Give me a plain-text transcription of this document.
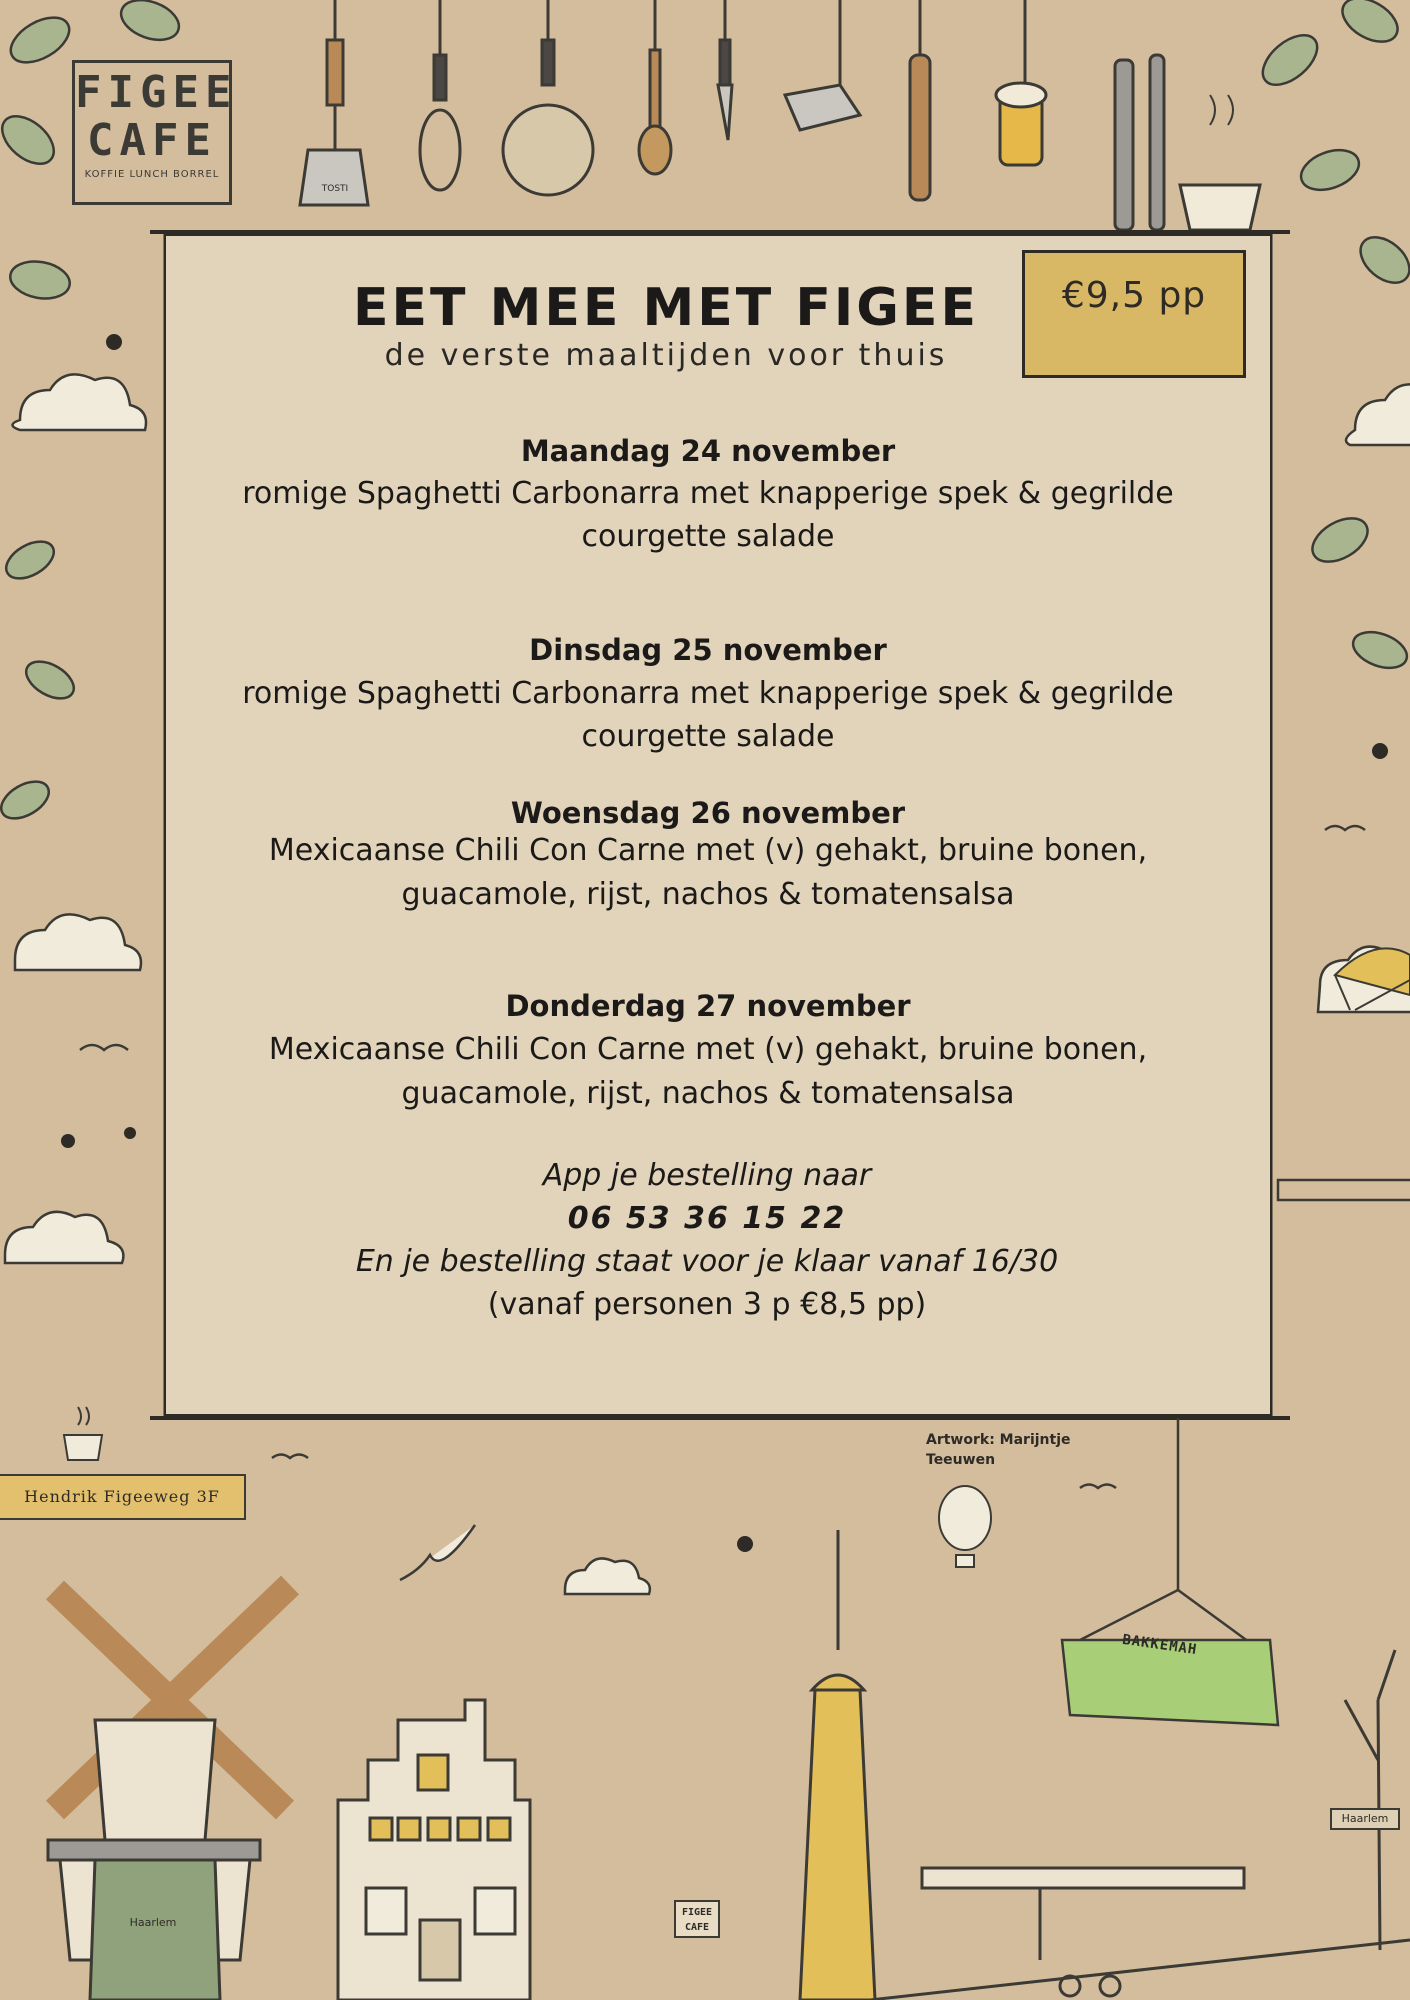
FIGEE
CAFE
KOFFIE LUNCH BORREL
EET MEE MET FIGEE
de verste maaltijden voor thuis
€9,5 pp
Maandag 24 november
romige Spaghetti Carbonarra met knapperige spek & gegrilde
courgette salade
Dinsdag 25 november
romige Spaghetti Carbonarra met knapperige spek & gegrilde
courgette salade
Woensdag 26 november
Mexicaanse Chili Con Carne met (v) gehakt, bruine bonen,
guacamole, rijst, nachos & tomatensalsa
Donderdag 27 november
Mexicaanse Chili Con Carne met (v) gehakt, bruine bonen,
guacamole, rijst, nachos & tomatensalsa
App je bestelling naar
06 53 36 15 22
En je bestelling staat voor je klaar vanaf 16/30
(vanaf personen 3 p €8,5 pp)
Hendrik Figeeweg 3F
Artwork: Marijntje
Teeuwen
Haarlem
Haarlem
BAKKEMAH
FIGEE
CAFE
TOSTI
